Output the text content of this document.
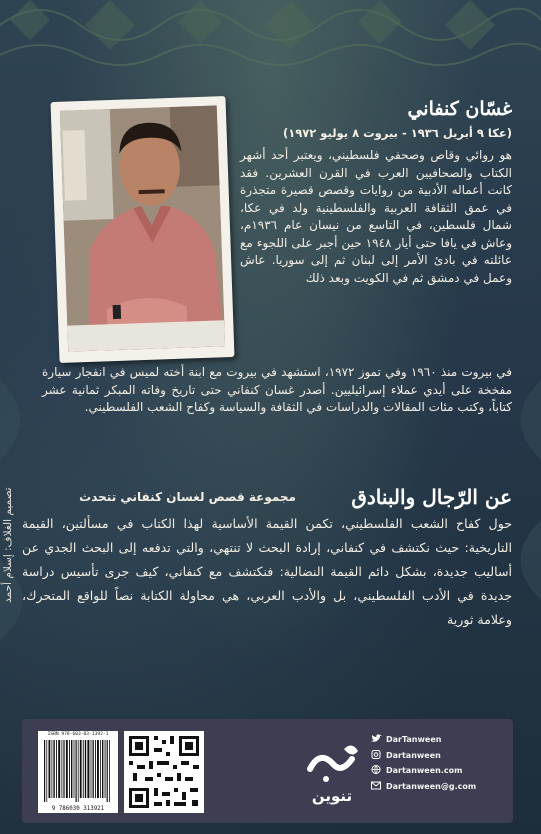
غسّان كنفاني
(عكا ٩ أبريل ١٩٣٦ - بيروت ٨ يوليو ١٩٧٢)
هو روائي وقاص وصحفي فلسطيني، ويعتبر أحد أشهر الكتاب والصحافيين العرب في القرن العشرين. فقد كانت أعماله الأدبية من روايات وقصص قصيرة متجذرة في عمق الثقافة العربية والفلسطينية ولد في عكا، شمال فلسطين، في التاسع من نيسان عام ١٩٣٦م، وعاش في يافا حتى أيار ١٩٤٨ حين أجبر على اللجوء مع عائلته في بادئ الأمر إلى لبنان ثم إلى سوريا. عاش وعمل في دمشق ثم في الكويت وبعد ذلك
في بيروت منذ ١٩٦٠ وفي تموز ١٩٧٢، استشهد في بيروت مع ابنة أخته لميس في انفجار سيارة مفخخة على أيدي عملاء إسرائيليين. أصدر غسان كنفاني حتى تاريخ وفاته المبكر ثمانية عشر كتاباً، وكتب مئات المقالات والدراسات في الثقافة والسياسة وكفاح الشعب الفلسطيني.
عن الرّجال والبنادق
مجموعة قصص لغسان كنفاني تتحدث
حول كفاح الشعب الفلسطيني، تكمن القيمة الأساسية لهذا الكتاب في مسألتين، القيمة التاريخية: حيث نكتشف في كنفاني، إرادة البحث لا تنتهي، والتي تدفعه إلى البحث الجدي عن أساليب جديدة، بشكل دائم القيمة النضالية: فنكتشف مع كنفاني، كيف جرى تأسيس دراسة جديدة في الأدب الفلسطيني، بل والأدب العربي، هي محاولة الكتابة نصاً للواقع المتحرك، وعلامة ثورية
تصميم الغلاف: إسلام أحمد
ISBN 978-603-03-1392-1
9 786030 313921
تنوين
DarTanween
Dartanween
Dartanween.com
Dartanween@g.com
